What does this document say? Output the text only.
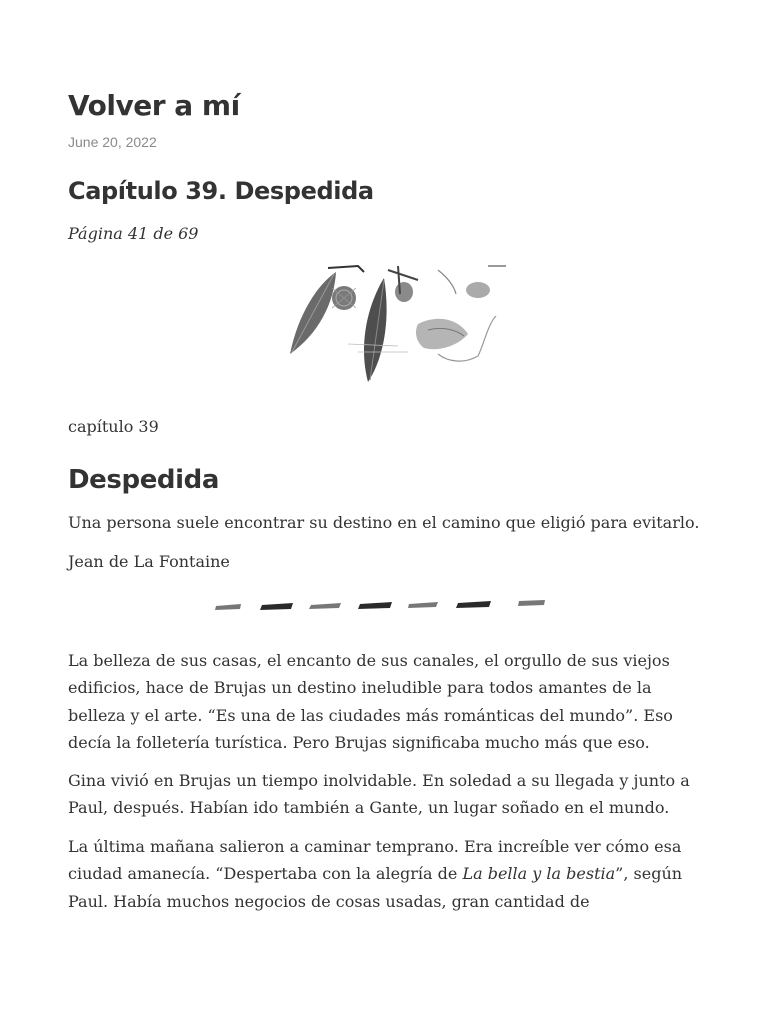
Volver a mí
June 20, 2022
Capítulo 39. Despedida
Página 41 de 69
capítulo 39
Despedida
Una persona suele encontrar su destino en el camino que eligió para evitarlo.
Jean de La Fontaine

La belleza de sus casas, el encanto de sus canales, el orgullo de sus viejos
edificios, hace de Brujas un destino ineludible para todos amantes de la
belleza y el arte. “Es una de las ciudades más románticas del mundo”. Eso
decía la folletería turística. Pero Brujas significaba mucho más que eso.

Gina vivió en Brujas un tiempo inolvidable. En soledad a su llegada y junto a
Paul, después. Habían ido también a Gante, un lugar soñado en el mundo.

La última mañana salieron a caminar temprano. Era increíble ver cómo esa
ciudad amanecía. “Despertaba con la alegría de La bella y la bestia”, según
Paul. Había muchos negocios de cosas usadas, gran cantidad de
